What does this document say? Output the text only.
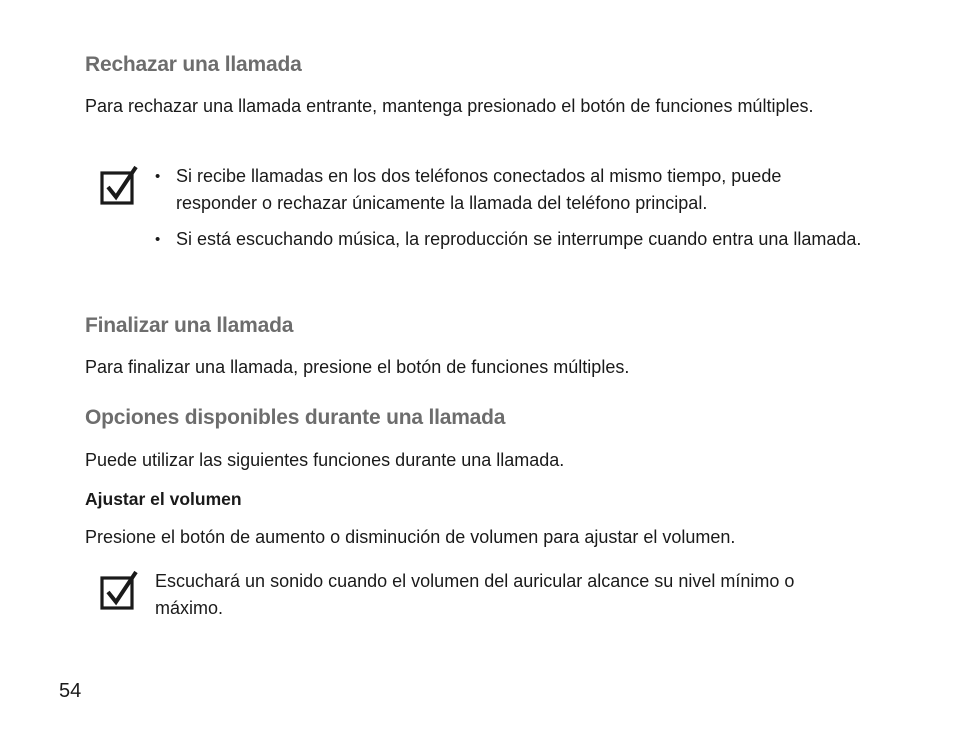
Rechazar una llamada

Para rechazar una llamada entrante, mantenga presionado el botón de funciones múltiples.

• Si recibe llamadas en los dos teléfonos conectados al mismo tiempo, puede responder o rechazar únicamente la llamada del teléfono principal.
• Si está escuchando música, la reproducción se interrumpe cuando entra una llamada.
Finalizar una llamada

Para finalizar una llamada, presione el botón de funciones múltiples.

Opciones disponibles durante una llamada

Puede utilizar las siguientes funciones durante una llamada.

Ajustar el volumen

Presione el botón de aumento o disminución de volumen para ajustar el volumen.

Escuchará un sonido cuando el volumen del auricular alcance su nivel mínimo o máximo.

54
